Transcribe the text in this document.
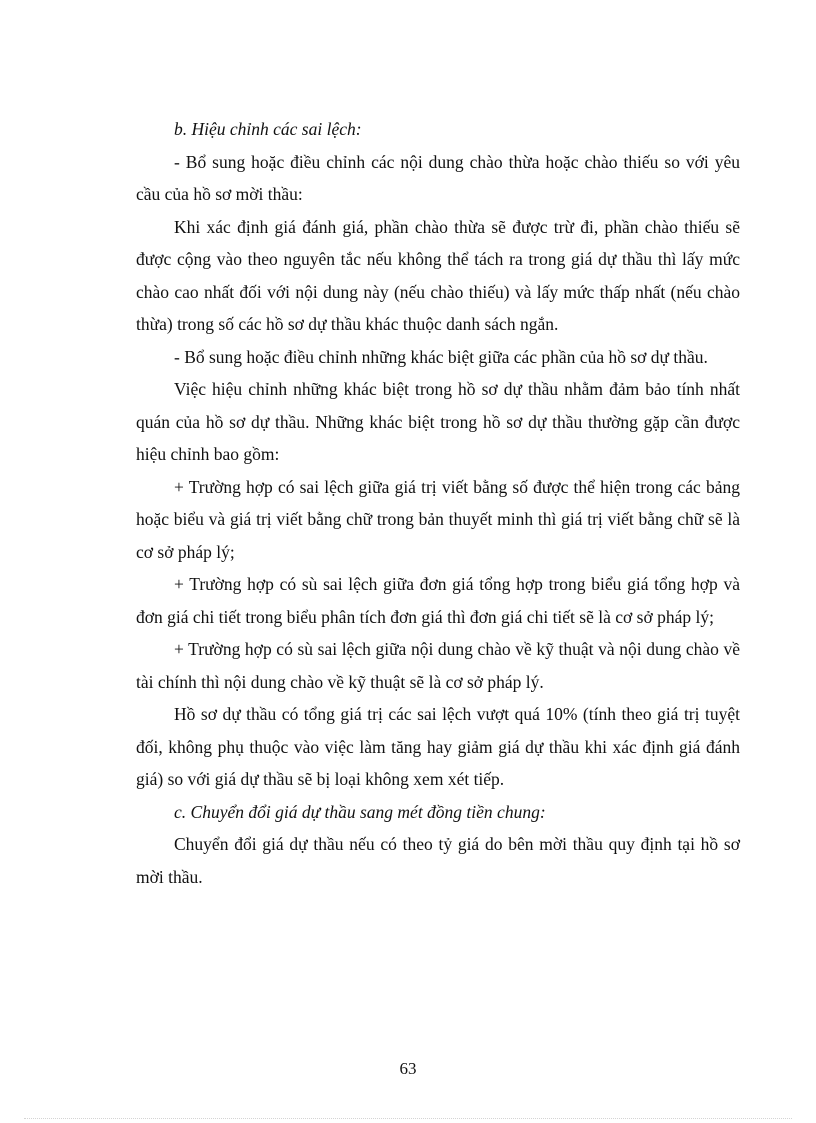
b. Hiệu chỉnh các sai lệch:

- Bổ sung hoặc điều chỉnh các nội dung chào thừa hoặc chào thiếu so với yêu cầu của hồ sơ mời thầu:

Khi xác định giá đánh giá, phần chào thừa sẽ được trừ đi, phần chào thiếu sẽ được cộng vào theo nguyên tắc nếu không thể tách ra trong giá dự thầu thì lấy mức chào cao nhất đối với nội dung này (nếu chào thiếu) và lấy mức thấp nhất (nếu chào thừa) trong số các hồ sơ dự thầu khác thuộc danh sách ngắn.

- Bổ sung hoặc điều chỉnh những khác biệt giữa các phần của hồ sơ dự thầu.

Việc hiệu chỉnh những khác biệt trong hồ sơ dự thầu nhằm đảm bảo tính nhất quán của hồ sơ dự thầu. Những khác biệt trong hồ sơ dự thầu thường gặp cần được hiệu chỉnh bao gồm:

+ Trường hợp có sai lệch giữa giá trị viết bằng số được thể hiện trong các bảng hoặc biểu và giá trị viết bằng chữ trong bản thuyết minh thì giá trị viết bằng chữ sẽ là cơ sở pháp lý;

+ Trường hợp có sù sai lệch giữa đơn giá tổng hợp trong biểu giá tổng hợp và đơn giá chi tiết trong biểu phân tích đơn giá thì đơn giá chi tiết sẽ là cơ sở pháp lý;

+ Trường hợp có sù sai lệch giữa nội dung chào về kỹ thuật và nội dung chào về tài chính thì nội dung chào về kỹ thuật sẽ là cơ sở pháp lý.

Hồ sơ dự thầu có tổng giá trị các sai lệch vượt quá 10% (tính theo giá trị tuyệt đối, không phụ thuộc vào việc làm tăng hay giảm giá dự thầu khi xác định giá đánh giá) so với giá dự thầu sẽ bị loại không xem xét tiếp.

c. Chuyển đổi giá dự thầu sang mét đồng tiền chung:

Chuyển đổi giá dự thầu nếu có theo tỷ giá do bên mời thầu quy định tại hồ sơ mời thầu.

63
